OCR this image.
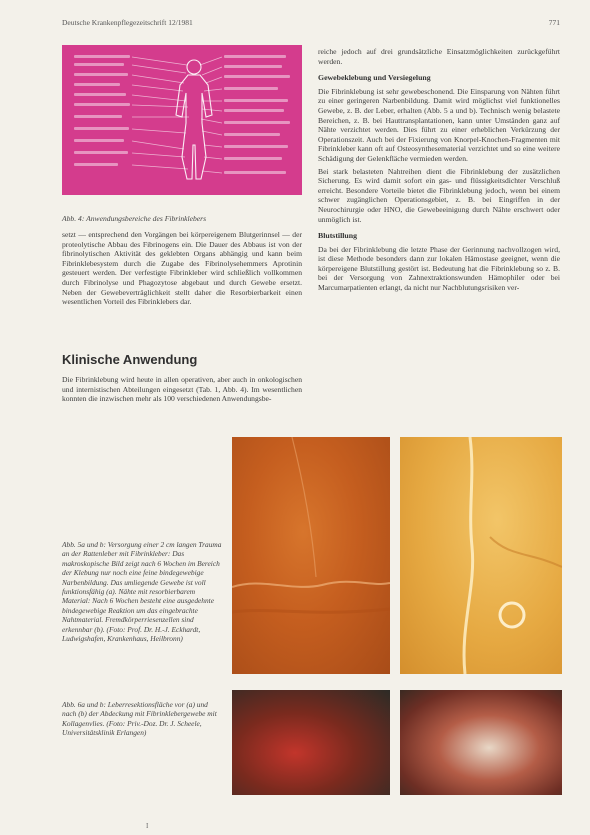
Deutsche Krankenpflegezeitschrift 12/1981	771
Abb. 4: Anwendungsbereiche des Fibrinklebers

setzt — entsprechend den Vorgängen bei körpereigenem Blutgerinnsel — der proteolytische Abbau des Fibrinogens ein. Die Dauer des Abbaus ist von der fibrinolytischen Aktivität des geklebten Organs abhängig und kann beim Fibrinklebesystem durch die Zugabe des Fibrinolysehemmers Aprotinin gesteuert werden. Der verfestigte Fibrinkleber wird schließlich vollkommen durch Fibrinolyse und Phagozytose abgebaut und durch Gewebe ersetzt. Neben der Gewebeverträglichkeit stellt daher die Resorbierbarkeit einen wesentlichen Vorteil des Fibrinklebers dar.

Klinische Anwendung

Die Fibrinklebung wird heute in allen operativen, aber auch in onkologischen und internistischen Abteilungen eingesetzt (Tab. 1, Abb. 4). Im wesentlichen konnten die inzwischen mehr als 100 verschiedenen Anwendungsbe-

reiche jedoch auf drei grundsätzliche Einsatzmöglichkeiten zurückgeführt werden.

Gewebeklebung und Versiegelung

Die Fibrinklebung ist sehr gewebeschonend. Die Einsparung von Nähten führt zu einer geringeren Narbenbildung. Damit wird möglichst viel funktionelles Gewebe, z. B. der Leber, erhalten (Abb. 5 a und b). Technisch wenig belastete Bereichen, z. B. bei Hauttransplantationen, kann unter Umständen ganz auf Nähte verzichtet werden. Dies führt zu einer erheblichen Verkürzung der Operationszeit. Auch bei der Fixierung von Knorpel-Knochen-Fragmenten mit Fibrinkleber kann oft auf Osteosynthesematerial verzichtet und so eine weitere Schädigung der Gelenkfläche vermieden werden.

Bei stark belasteten Nahtreihen dient die Fibrinklebung der zusätzlichen Sicherung. Es wird damit sofort ein gas- und flüssigkeitsdichter Verschluß erreicht. Besondere Vorteile bietet die Fibrinklebung jedoch, wenn bei einem schwer zugänglichen Operationsgebiet, z. B. bei Eingriffen in der Neurochirurgie oder HNO, die Gewebeeinigung durch Nähte erschwert oder unmöglich ist.

Blutstillung

Da bei der Fibrinklebung die letzte Phase der Gerinnung nachvollzogen wird, ist diese Methode besonders dann zur lokalen Hämostase geeignet, wenn die körpereigene Blutstillung gestört ist. Bedeutung hat die Fibrinklebung so z. B. bei der Versorgung von Zahnextraktionswunden Hämophiler oder bei Marcumarpatienten erlangt, da nicht nur Nachblutungsrisiken ver-

Abb. 5a und b: Versorgung einer 2 cm langen Trauma an der Rattenleber mit Fibrinkleber: Das makroskopische Bild zeigt nach 6 Wochen im Bereich der Klebung nur noch eine feine bindegewebige Narbenbildung. Das umliegende Gewebe ist voll funktionsfähig (a). Nähte mit resorbierbarem Material: Nach 6 Wochen besteht eine ausgedehnte bindegewebige Reaktion um das eingebrachte Nahtmaterial. Fremdkörperriesenzellen sind erkennbar (b). (Foto: Prof. Dr. H.-J. Eckhardt, Ludwigshafen, Krankenhaus, Heilbronn)
Abb. 6a und b: Leberresektionsfläche vor (a) und nach (b) der Abdeckung mit Fibrinklebergewebe mit Kollagenvlies. (Foto: Priv.-Doz. Dr. J. Scheele, Universitätsklinik Erlangen)
I
